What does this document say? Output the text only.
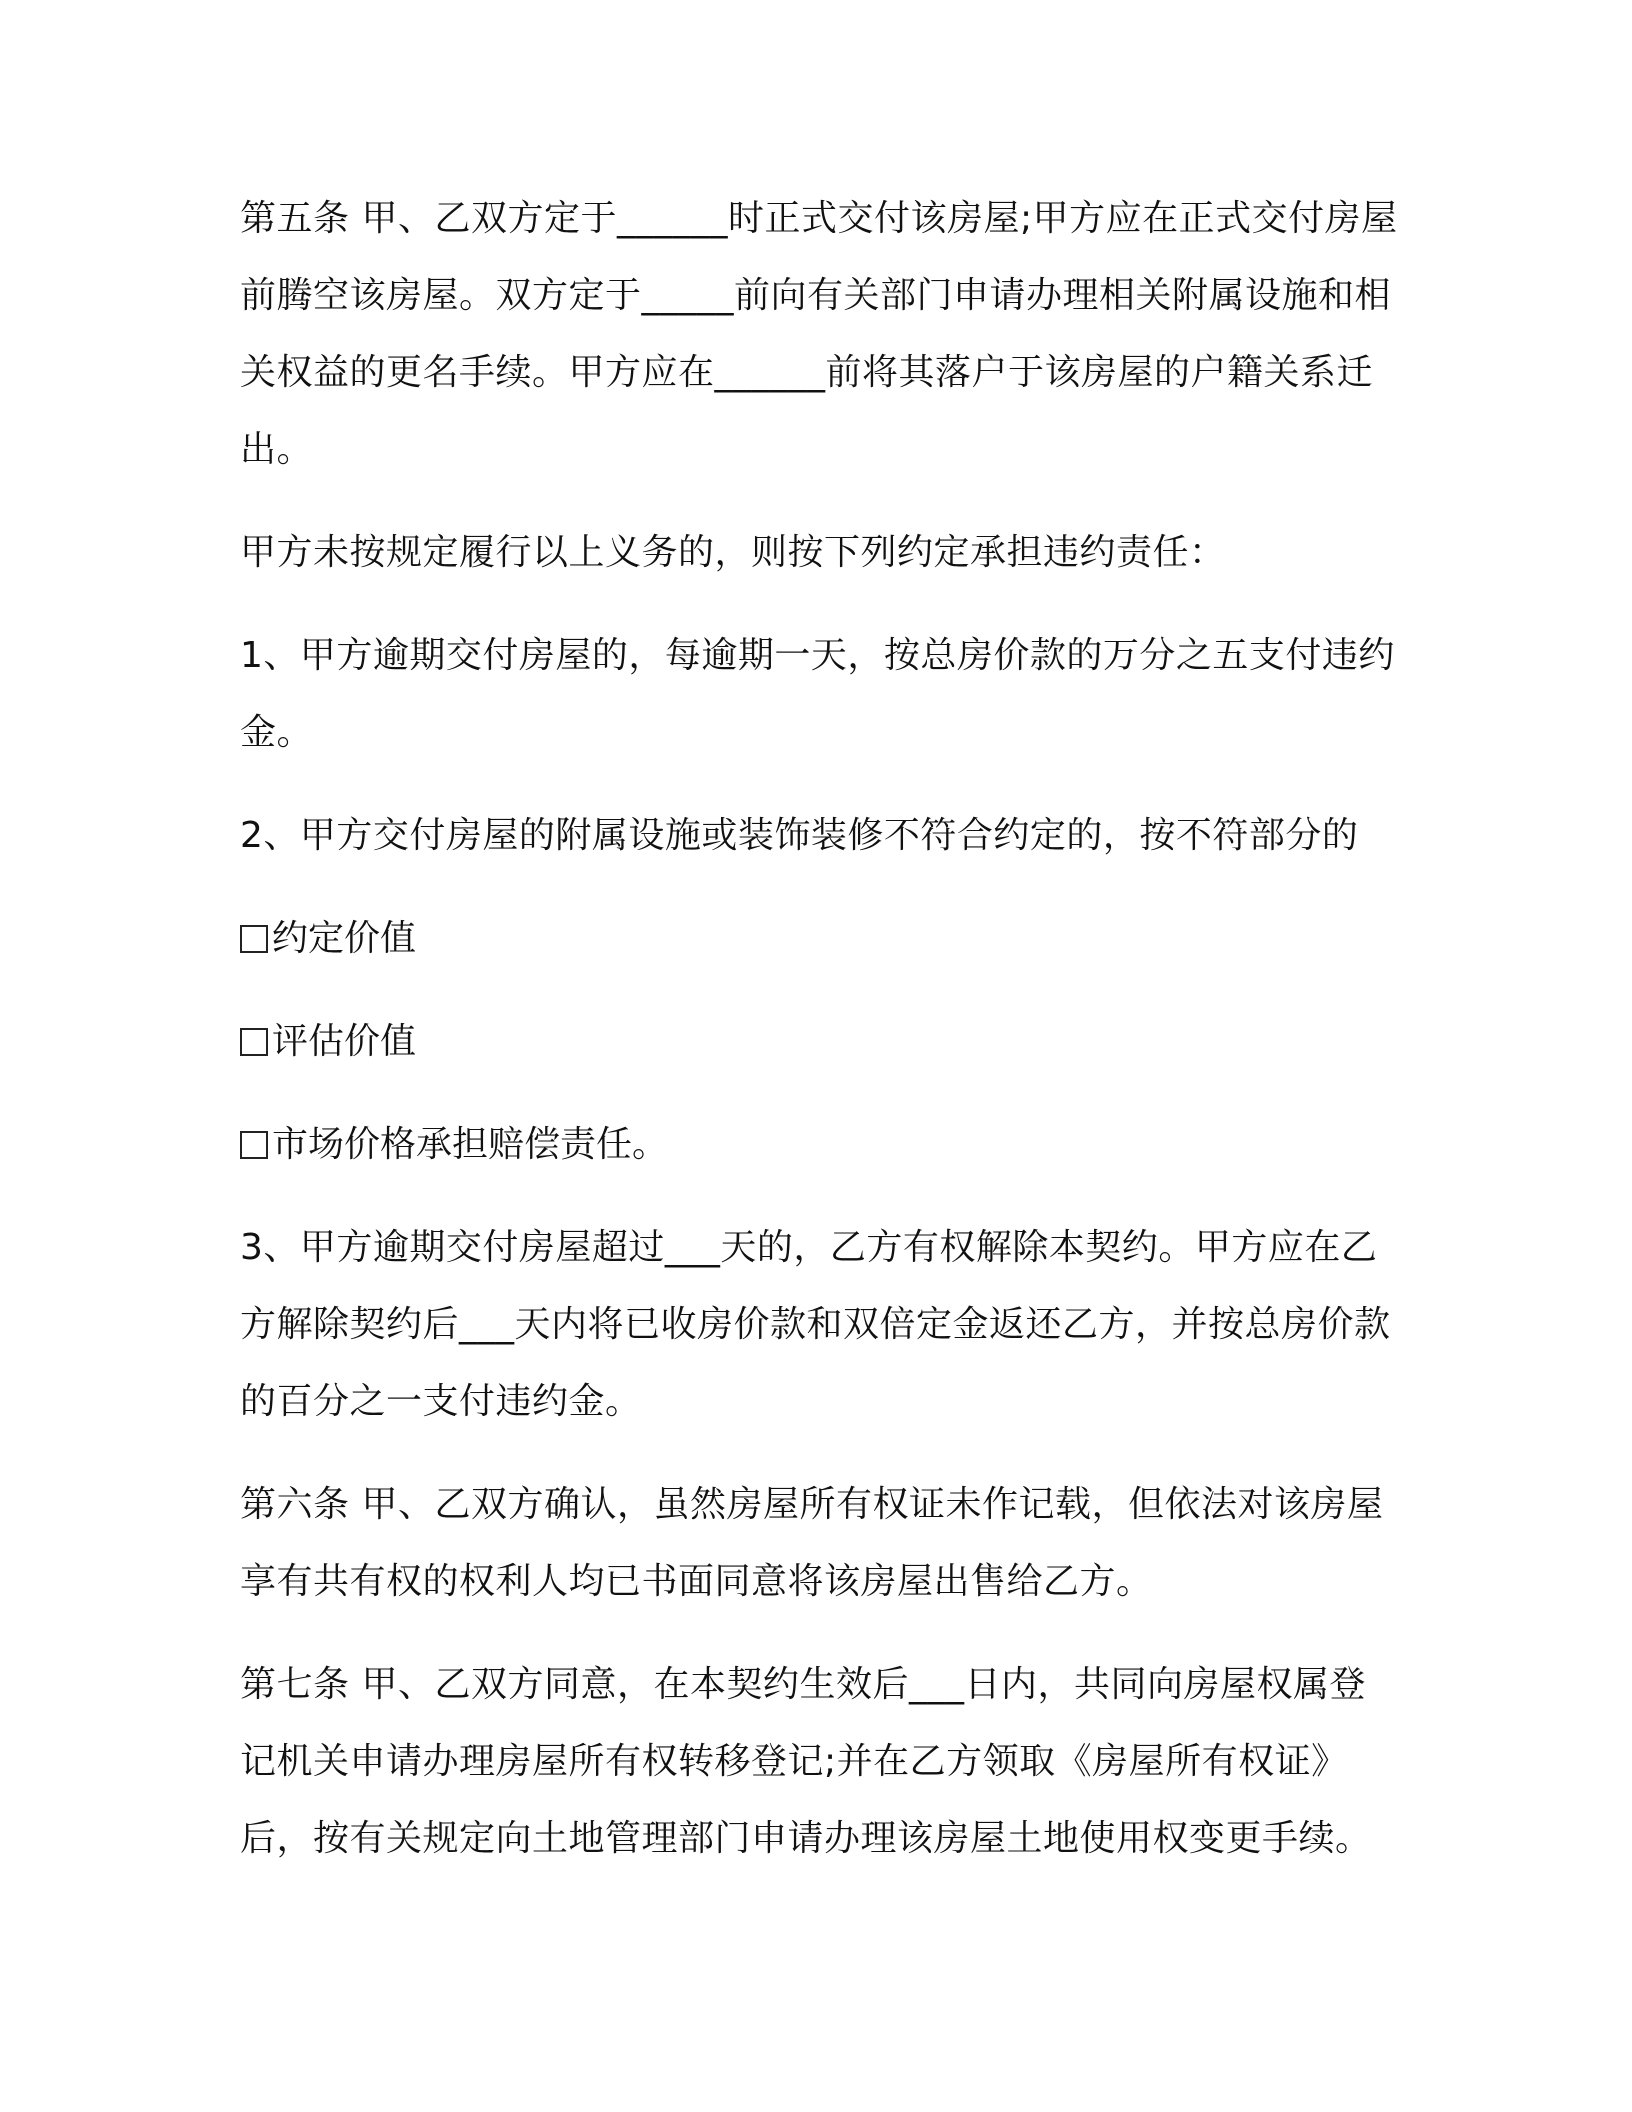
第五条 甲、乙双方定于______时正式交付该房屋;甲方应在正式交付房屋前腾空该房屋。双方定于_____前向有关部门申请办理相关附属设施和相关权益的更名手续。甲方应在______前将其落户于该房屋的户籍关系迁出。

甲方未按规定履行以上义务的，则按下列约定承担违约责任：

1、甲方逾期交付房屋的，每逾期一天，按总房价款的万分之五支付违约金。

2、甲方交付房屋的附属设施或装饰装修不符合约定的，按不符部分的

约定价值
评估价值
市场价格承担赔偿责任。

3、甲方逾期交付房屋超过___天的，乙方有权解除本契约。甲方应在乙方解除契约后___天内将已收房价款和双倍定金返还乙方，并按总房价款的百分之一支付违约金。

第六条 甲、乙双方确认，虽然房屋所有权证未作记载，但依法对该房屋享有共有权的权利人均已书面同意将该房屋出售给乙方。

第七条 甲、乙双方同意，在本契约生效后___日内，共同向房屋权属登记机关申请办理房屋所有权转移登记;并在乙方领取《房屋所有权证》后，按有关规定向土地管理部门申请办理该房屋土地使用权变更手续。
